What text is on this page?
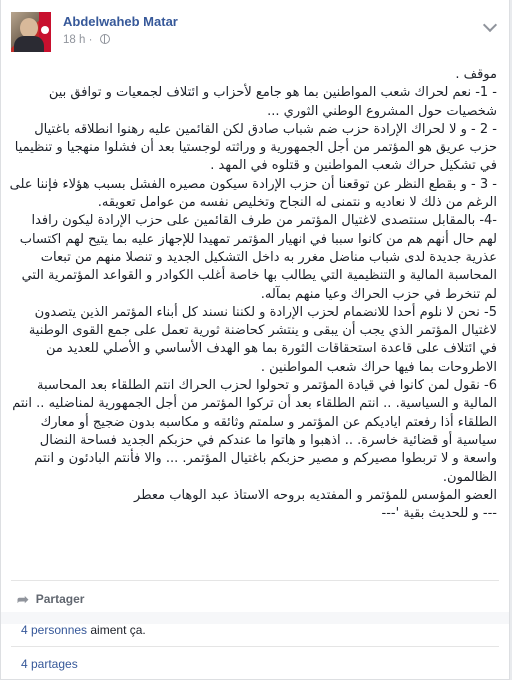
Abdelwaheb Matar
18 h ·

موقف .

- 1- نعم لحراك شعب المواطنين بما هو جامع لأحزاب و ائتلاف لجمعيات و توافق بين شخصيات حول المشروع الوطني الثوري ...

- 2 - و لا لحراك الإرادة حزب ضم شباب صادق لكن القائمين عليه رهنوا انطلاقه باغتيال حزب عريق هو المؤتمر من أجل الجمهورية و وراثته لوجستيا بعد أن فشلوا منهجيا و تنظيميا في تشكيل حراك شعب المواطنين و قتلوه في المهد .

- 3 - و بقطع النظر عن توقعنا أن حزب الإرادة سيكون مصيره الفشل بسبب هؤلاء فإننا على الرغم من ذلك لا نعاديه و نتمنى له النجاح وتخليص نفسه من عوامل تعويقه.

-4- بالمقابل سنتصدى لاغتيال المؤتمر من طرف القائمين على حزب الإرادة ليكون رافدا لهم حال أنهم هم من كانوا سببا في انهيار المؤتمر تمهيدا للإجهاز عليه بما يتيح لهم اكتساب عذرية جديدة لدى شباب مناضل مغرر به داخل التشكيل الجديد و تنصلا منهم من تبعات المحاسبة المالية و التنظيمية التي يطالب بها خاصة أغلب الكوادر و القواعد المؤتمرية التي لم تنخرط في حزب الحراك وعيا منهم بمآله.

5- نحن لا نلوم أحدا للانضمام لحزب الإرادة و لكننا نسند كل أبناء المؤتمر الذين يتصدون لاغتيال المؤتمر الذي يجب أن يبقى و ينتشر كحاضنة ثورية تعمل على جمع القوى الوطنية في ائتلاف على قاعدة استحقاقات الثورة بما هو الهدف الأساسي و الأصلي للعديد من الاطروحات بما فيها حراك شعب المواطنين .

6- نقول لمن كانوا في قيادة المؤتمر و تحولوا لحزب الحراك انتم الطلقاء بعد المحاسبة المالية و السياسية. .. انتم الطلقاء بعد أن تركوا المؤتمر من أجل الجمهورية لمناضليه .. انتم الطلقاء أذا رفعتم اياديكم عن المؤتمر و سلمتم وثائقه و مكاسبه بدون ضجيج أو معارك سياسية أو قضائية خاسرة. .. اذهبوا و هاتوا ما عندكم في حزبكم الجديد فساحة النضال واسعة و لا تربطوا مصيركم و مصير حزبكم باغتيال المؤتمر. ... والا فأنتم البادئون و انتم الظالمون.

العضو المؤسس للمؤتمر و المفتديه بروحه الاستاذ عبد الوهاب معطر

--- و للحديث بقية '---

➦ Partager
4 personnes aiment ça.
4 partages
